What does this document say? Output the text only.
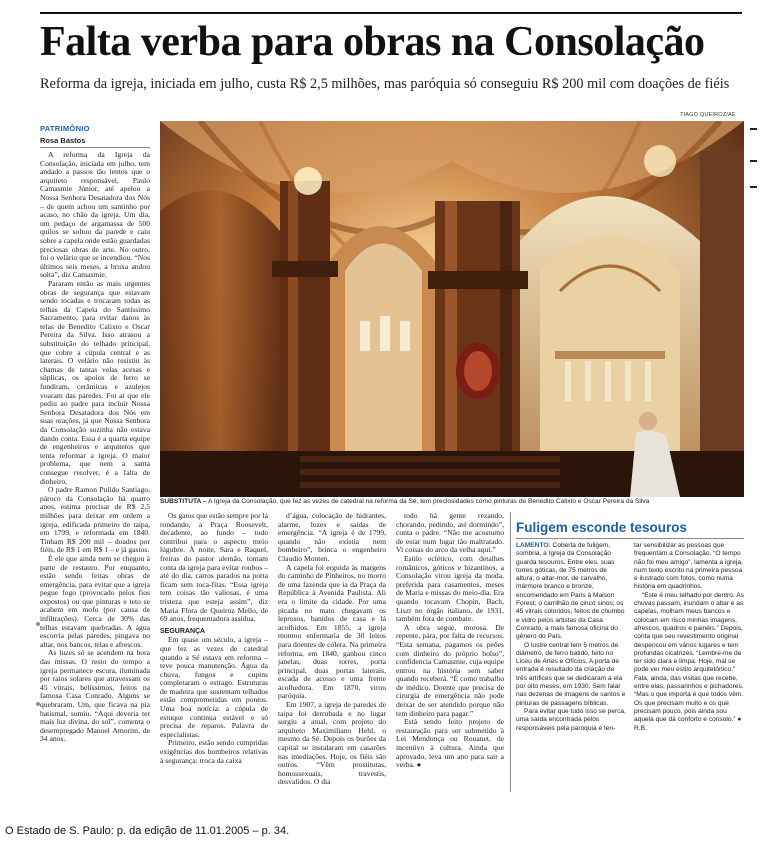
Falta verba para obras na Consolação
Reforma da igreja, iniciada em julho, custa R$ 2,5 milhões, mas paróquia só conseguiu R$ 200 mil com doações de fiéis
TIAGO QUEIROZ/AE
PATRIMÔNIO
Rosa Bastos

A reforma da Igreja da Consolação, iniciada em julho, tem andado a passos tão lentos que o arquiteto responsável, Paulo Camasmie Júnior, até apelou a Nossa Senhora Desatadora dos Nós – de quem achou um santinho por acaso, no chão da igreja. Um dia, um pedaço de argamassa de 500 quilos se soltou da parede e caiu sobre a capela onde estão guardadas preciosas obras de arte. No outro, foi o velário que se incendiou. “Nos últimos seis meses, a bruxa andou solta”, diz Camasmie.

Pararam então as mais urgentes obras de segurança que estavam sendo tocadas e trocaram todas as telhas da Capela do Santíssimo Sacramento, para evitar danos às telas de Benedito Calixto e Oscar Pereira da Silva. Isso atrasou a substituição do telhado principal, que cobre a cúpula central e as laterais. O velário não resistiu às chamas de tantas velas acesas e súplicas, os apoios de ferro se fundiram, cerâmicas e azulejos voaram das paredes. Foi aí que ele pediu ao padre para incluir Nossa Senhora Desatadora dos Nós em suas orações, já que Nossa Senhora da Consolação sozinha não estava dando conta. Essa é a quarta equipe de engenheiros e arquitetos que tenta reformar a igreja. O maior problema, que nem a santa consegue resolver, é a falta de dinheiro.

O padre Ramon Pulido Santiago, pároco da Consolação há quatro anos, estima precisar de R$ 2,5 milhões para deixar em ordem a igreja, edificada primeiro de taipa, em 1799, e reformada em 1840. Tinham R$ 200 mil – doados por fiéis, de R$ 1 em R$ 1 – e já gastos.

É ele que ainda nem se chegou à parte de restauro. Por enquanto, estão sendo feitas obras de emergência, para evitar que a igreja pegue fogo (provocado pelos fios expostos) ou que pinturas e teto se acabem em mofo (por causa de infiltrações). Cerca de 30% das telhas estavam quebradas. A água escorria pelas paredes, pingava no altar, nos bancos, telas e afrescos.

As luzes só se acendem na hora das missas. O resto do tempo a igreja permanece escura, iluminada por raios solares que atravessam os 45 vitrais, belíssimos, feitos na famosa Casa Conrado. Alguns se quebraram. Um, que ficava na pia batismal, sumiu. “Aqui deveria ter mais luz divina, do sol”, comenta o desempregado Manoel Amorim, de 34 anos.

SUBSTITUTA – A Igreja da Consolação, que fez as vezes de catedral na reforma da Sé, tem preciosidades como pinturas de Benedito Calixto e Oscar Pereira da Silva

Os gatos que estão sempre por lá rondando, a Praça Roosevelt, decadente, ao fundo – tudo contribui para o aspecto meio lúgubre. À noite, Sara e Raquel, freiras do pastor alemão, tomam conta da igreja para evitar roubos – até do dia, carros parados na porta ficam sem toca-fitas. “Essa igreja tem coisas tão valiosas, é uma tristeza que esteja assim”, diz Maria Flora de Queiroz Mello, de 69 anos, frequentadora assídua.

SEGURANÇA

Em quase um século, a igreja – que fez as vezes de catedral quando a Sé estava em reforma – teve pouca manutenção. Água da chuva, fungos e cupins completaram o estrago. Estruturas de madeira que sustentam telhados estão comprometidas em pontos. Uma boa notícia: a cúpula de estuque continua estável e só precisa de reparos. Palavra de especialistas.

Primeiro, estão sendo cumpridas exigências dos bombeiros relativas à segurança: troca da caixa

d’água, colocação de hidrantes, alarme, luzes e saídas de emergência. “A igreja é de 1799, quando não existia nem bombeiro”, brinca o engenheiro Claudio Monten.

A capela foi erguida às margens do caminho de Pinheiros, no morro de uma fazenda que ia da Praça da República à Avenida Paulista. Ali era o limite da cidade. Por uma picada no mato chegavam os leprosos, banidos de casa e lá acolhidos. Em 1855, a igreja montou enfermaria de 30 leitos para doentes de cólera. Na primeira reforma, em 1840, ganhou cinco janelas, duas torres, porta principal, duas portas laterais, escada de acesso e uma frente acolhedora. Em 1870, virou paróquia.

Em 1907, a igreja de paredes de taipa foi derrubada e no lugar surgiu a atual, com projeto do arquiteto Maximiliano Hehl, o mesmo da Sé. Depois os burões da capital se instalaram em casarões nas imediações. Hoje, os fiéis são outros. “Vêm prostitutas, homossexuais, travestis, desvalidos. O dia

todo há gente rezando, chorando, pedindo, até dormindo”, conta o padre. “Não me acostumo de estar num lugar tão maltratado. Vi coisas do arco da velha aqui.”

Estilo eclético, com detalhes românicos, góticos e bizantinos, a Consolação virou igreja da moda, preferida para casamentos, meses de Maria e missas do meio-dia. Era quando tocavam Chopin, Bach, Liszt no órgão italiano, de 1931, também fora de combate.

A obra segue, morosa. De repente, pára, por falta de recursos. “Esta semana, pagamos os peões com dinheiro do próprio bolso”, confidencia Camasmie, cuja equipe entrou na história sem saber quando receberá. “É como trabalho de médico. Doente que precisa de cirurgia de emergência não pode deixar de ser atendido porque não tem dinheiro para pagar.”

Está sendo feito projeto de restauração para ser submetido à Lei Mendonça ou Rouanet, de incentivo à cultura. Ainda que aprovado, leva um ano para sair a verba. ●

Fuligem esconde tesouros

LAMENTO: Coberta de fuligem, sombria, a Igreja da Consolação guarda tesouros. Entre eles, suas torres góticas, de 75 metros de altura; o altar-mor, de carvalho, mármore branco e bronze, encomendado em Paris à Maison Forest; o carrilhão de cinco sinos; os 45 vitrais coloridos, feitos de chumbo e vidro pelos artistas da Casa Conrado, a mais famosa oficina do gênero do País.

O lustre central tem 5 metros de diâmetro, de ferro batido, feito no Liceu de Artes e Ofícios. A porta de entrada é resultado da criação de três artífices que se dedicaram a ela por oito meses, em 1930. Sem falar nas dezenas de imagens de santos e pinturas de passagens bíblicas.

Para evitar que tudo isso se perca, uma saída encontrada pelos responsáveis pela paróquia é ten-

tar sensibilizar as pessoas que frequentam a Consolação. “O tempo não foi meu amigo”, lamenta a igreja, num texto escrito na primeira pessoa e ilustrado com fotos, como numa história em quadrinhos.

“Este é meu telhado por dentro. As chuvas passam, inundam o altar e as capelas, molham meus bancos e colocam em risco minhas imagens, afrescos, quadros e painéis.” Depois, conta que seu revestimento original despencou em vários lugares e tem profundas cicatrizes. “Lembre-me de ter sido clara e limpa. Hoje, mal se pode ver meu estilo arquitetônico.” Fala, ainda, das visitas que recebe, entre elas, passarinhos e pichadores. “Mas o que importa é que todos vêm. Os que precisam muito e os que precisam pouco, pois ainda sou aquela que dá conforto e consolo.” ● R.B.

O Estado de S. Paulo: p. da edição de 11.01.2005 – p. 34.
